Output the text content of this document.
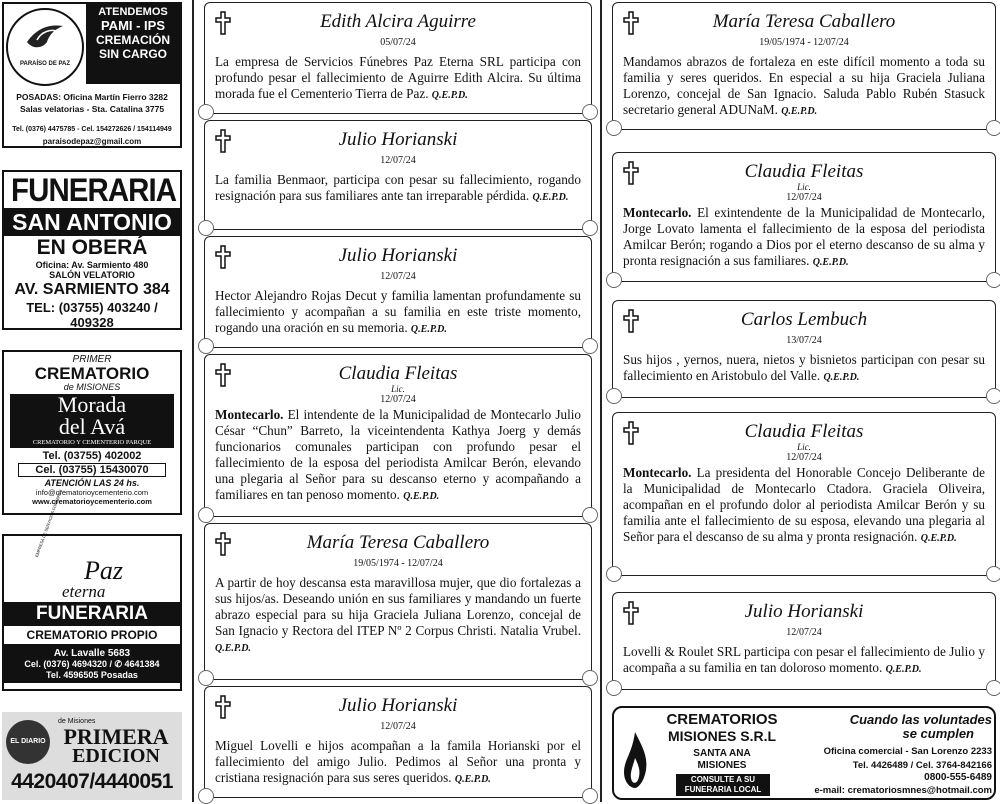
PARAÍSO DE PAZ
ATENDEMOS
PAMI - IPS
CREMACIÓN
SIN CARGO
Nuevas instalaciones
POSADAS: Oficina Martín Fierro 3282
Salas velatorias - Sta. Catalina 3775
Tel. (0376) 4475785 - Cel. 154272626 / 154114949
paraisodepaz@gmail.com
FUNERARIA
SAN ANTONIO
EN OBERÁ
Oficina: Av. Sarmiento 480
SALÓN VELATORIO
AV. SARMIENTO 384
TEL: (03755) 403240 / 409328
PRIMER
CREMATORIO
de MISIONES
Morada
del Avá
CREMATORIO Y CEMENTERIO PARQUE
Tel. (03755) 402002
Cel. (03755) 15430070
ATENCIÓN LAS 24 hs.
info@crematorioycementerio.com
www.crematorioycementerio.com
EMPRESA DE SERVICIOS FÚNEBRES
Paz
eterna
FUNERARIA
CREMATORIO PROPIO
Av. Lavalle 5683
Cel. (0376) 4694320 / ✆ 4641384
Tel. 4596505 Posadas
EL DIARIO
de Misiones
PRIMERA
EDICION
4420407/4440051
Edith Alcira Aguirre
05/07/24
La empresa de Servicios Fúnebres Paz Eterna SRL participa con profundo pesar el fallecimiento de Aguirre Edith Alcira. Su última morada fue el Cementerio Tierra de Paz. Q.E.P.D.
Julio Horianski
12/07/24
La familia Benmaor, participa con pesar su fallecimiento, rogando resignación para sus familiares ante tan irreparable pérdida. Q.E.P.D.
Julio Horianski
12/07/24
Hector Alejandro Rojas Decut y familia lamentan profundamente su fallecimiento y acompañan a su familia en este triste momento, rogando una oración en su memoria. Q.E.P.D.
Claudia Fleitas
Lic.
12/07/24
Montecarlo. El intendente de la Municipalidad de Montecarlo Julio César “Chun” Barreto, la viceintendenta Kathya Joerg y demás funcionarios comunales participan con profundo pesar el fallecimiento de la esposa del periodista Amilcar Berón, elevando una plegaria al Señor para su descanso eterno y acompañando a familiares en tan penoso momento. Q.E.P.D.
María Teresa Caballero
19/05/1974 - 12/07/24
A partir de hoy descansa esta maravillosa mujer, que dio fortalezas a sus hijos/as. Deseando unión en sus familiares y mandando un fuerte abrazo especial para su hija Graciela Juliana Lorenzo, concejal de San Ignacio y Rectora del ITEP Nº 2 Corpus Christi. Natalia Vrubel. Q.E.P.D.
Julio Horianski
12/07/24
Miguel Lovelli e hijos acompañan a la famila Horianski por el fallecimiento del amigo Julio. Pedimos al Señor una pronta y cristiana resignación para sus seres queridos. Q.E.P.D.
María Teresa Caballero
19/05/1974 - 12/07/24
Mandamos abrazos de fortaleza en este difícil momento a toda su familia y seres queridos. En especial a su hija Graciela Juliana Lorenzo, concejal de San Ignacio. Saluda Pablo Rubén Stasuck secretario general ADUNaM. Q.E.P.D.
Claudia Fleitas
Lic.
12/07/24
Montecarlo. El exintendente de la Municipalidad de Montecarlo, Jorge Lovato lamenta el fallecimiento de la esposa del periodista Amilcar Berón; rogando a Dios por el eterno descanso de su alma y pronta resignación a sus familiares. Q.E.P.D.
Carlos Lembuch
13/07/24
Sus hijos , yernos, nuera, nietos y bisnietos participan con pesar su fallecimiento en Aristobulo del Valle. Q.E.P.D.
Claudia Fleitas
Lic.
12/07/24
Montecarlo. La presidenta del Honorable Concejo Deliberante de la Municipalidad de Montecarlo Ctadora. Graciela Oliveira, acompañan en el profundo dolor al periodista Amilcar Berón y su familia ante el fallecimiento de su esposa, elevando una plegaria al Señor para el descanso de su alma y pronta resignación. Q.E.P.D.
Julio Horianski
12/07/24
Lovelli & Roulet SRL participa con pesar el fallecimiento de Julio y acompaña a su familia en tan doloroso momento. Q.E.P.D.
CREMATORIOS
MISIONES S.R.L
SANTA ANA
MISIONES
CONSULTE A SU
FUNERARIA LOCAL
Cuando las voluntades
se cumplen
Oficina comercial - San Lorenzo 2233
Tel. 4426489 / Cel. 3764-842166
0800-555-6489
e-mail: crematoriosmnes@hotmail.com
